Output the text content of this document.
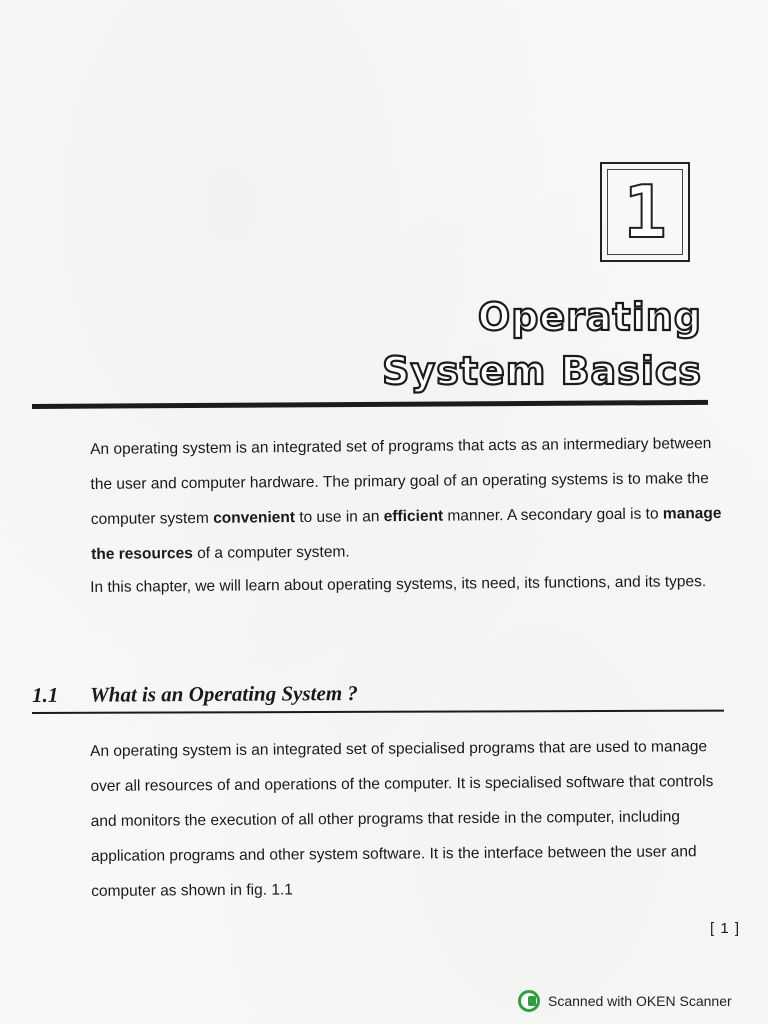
1
Operating
System Basics

An operating system is an integrated set of programs that acts as an intermediary between the user and computer hardware. The primary goal of an operating systems is to make the computer system convenient to use in an efficient manner. A secondary goal is to manage the resources of a computer system.

In this chapter, we will learn about operating systems, its need, its functions, and its types.

1.1 What is an Operating System ?

An operating system is an integrated set of specialised programs that are used to manage over all resources of and operations of the computer. It is specialised software that controls and monitors the execution of all other programs that reside in the computer, including application programs and other system software. It is the interface between the user and computer as shown in fig. 1.1

[ 1 ]
Scanned with OKEN Scanner
